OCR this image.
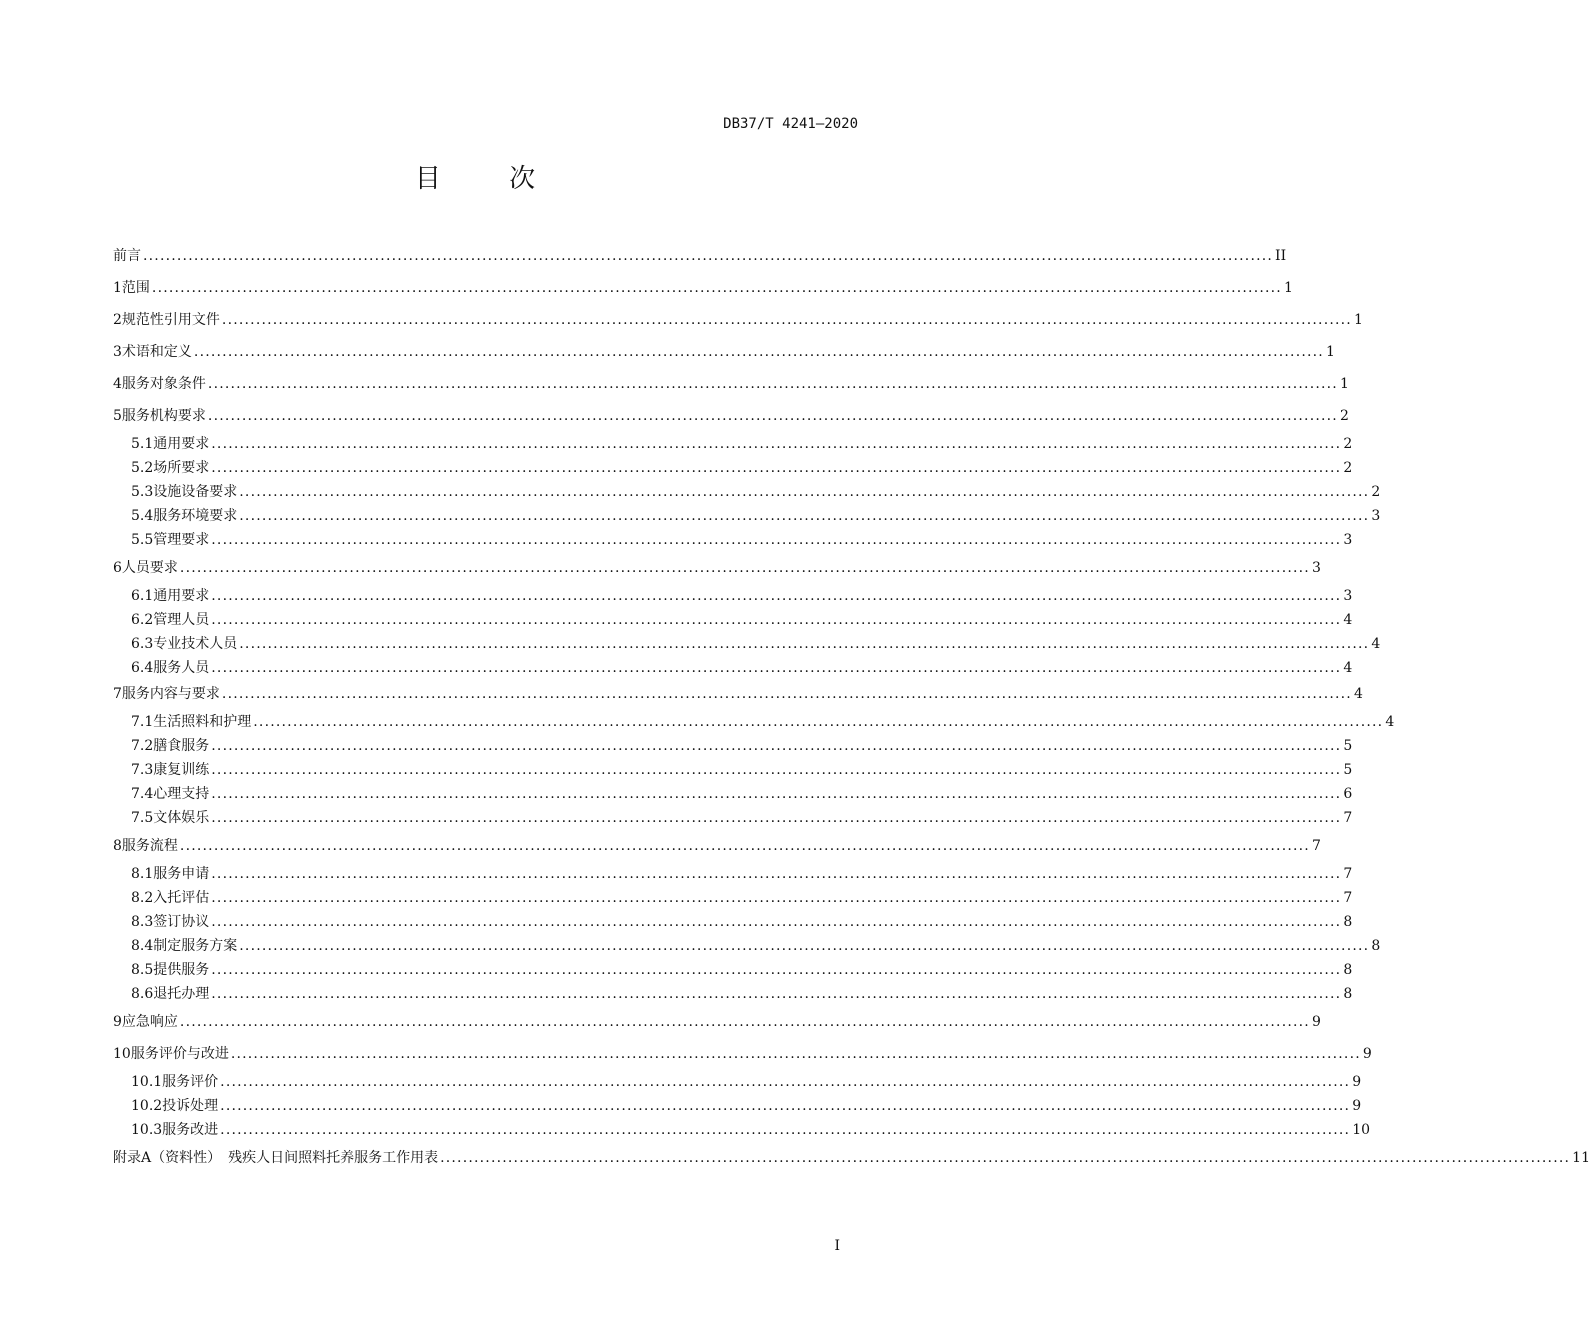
DB37/T 4241—2020
目 次
前言 ........................................................................................................................................................................................................ II
1 范围 ........................................................................................................................................................................................................ 1
2 规范性引用文件 ........................................................................................................................................................................................................ 1
3 术语和定义 ........................................................................................................................................................................................................ 1
4 服务对象条件 ........................................................................................................................................................................................................ 1
5 服务机构要求 ........................................................................................................................................................................................................ 2
5.1 通用要求 ........................................................................................................................................................................................................ 2
5.2 场所要求 ........................................................................................................................................................................................................ 2
5.3 设施设备要求 ........................................................................................................................................................................................................ 2
5.4 服务环境要求 ........................................................................................................................................................................................................ 3
5.5 管理要求 ........................................................................................................................................................................................................ 3
6 人员要求 ........................................................................................................................................................................................................ 3
6.1 通用要求 ........................................................................................................................................................................................................ 3
6.2 管理人员 ........................................................................................................................................................................................................ 4
6.3 专业技术人员 ........................................................................................................................................................................................................ 4
6.4 服务人员 ........................................................................................................................................................................................................ 4
7 服务内容与要求 ........................................................................................................................................................................................................ 4
7.1 生活照料和护理 ........................................................................................................................................................................................................ 4
7.2 膳食服务 ........................................................................................................................................................................................................ 5
7.3 康复训练 ........................................................................................................................................................................................................ 5
7.4 心理支持 ........................................................................................................................................................................................................ 6
7.5 文体娱乐 ........................................................................................................................................................................................................ 7
8 服务流程 ........................................................................................................................................................................................................ 7
8.1 服务申请 ........................................................................................................................................................................................................ 7
8.2 入托评估 ........................................................................................................................................................................................................ 7
8.3 签订协议 ........................................................................................................................................................................................................ 8
8.4 制定服务方案 ........................................................................................................................................................................................................ 8
8.5 提供服务 ........................................................................................................................................................................................................ 8
8.6 退托办理 ........................................................................................................................................................................................................ 8
9 应急响应 ........................................................................................................................................................................................................ 9
10 服务评价与改进 ........................................................................................................................................................................................................ 9
10.1 服务评价 ........................................................................................................................................................................................................ 9
10.2 投诉处理 ........................................................................................................................................................................................................ 9
10.3 服务改进 ........................................................................................................................................................................................................ 10
附录A（资料性）　残疾人日间照料托养服务工作用表 ........................................................................................................................................................................................................ 11
I
